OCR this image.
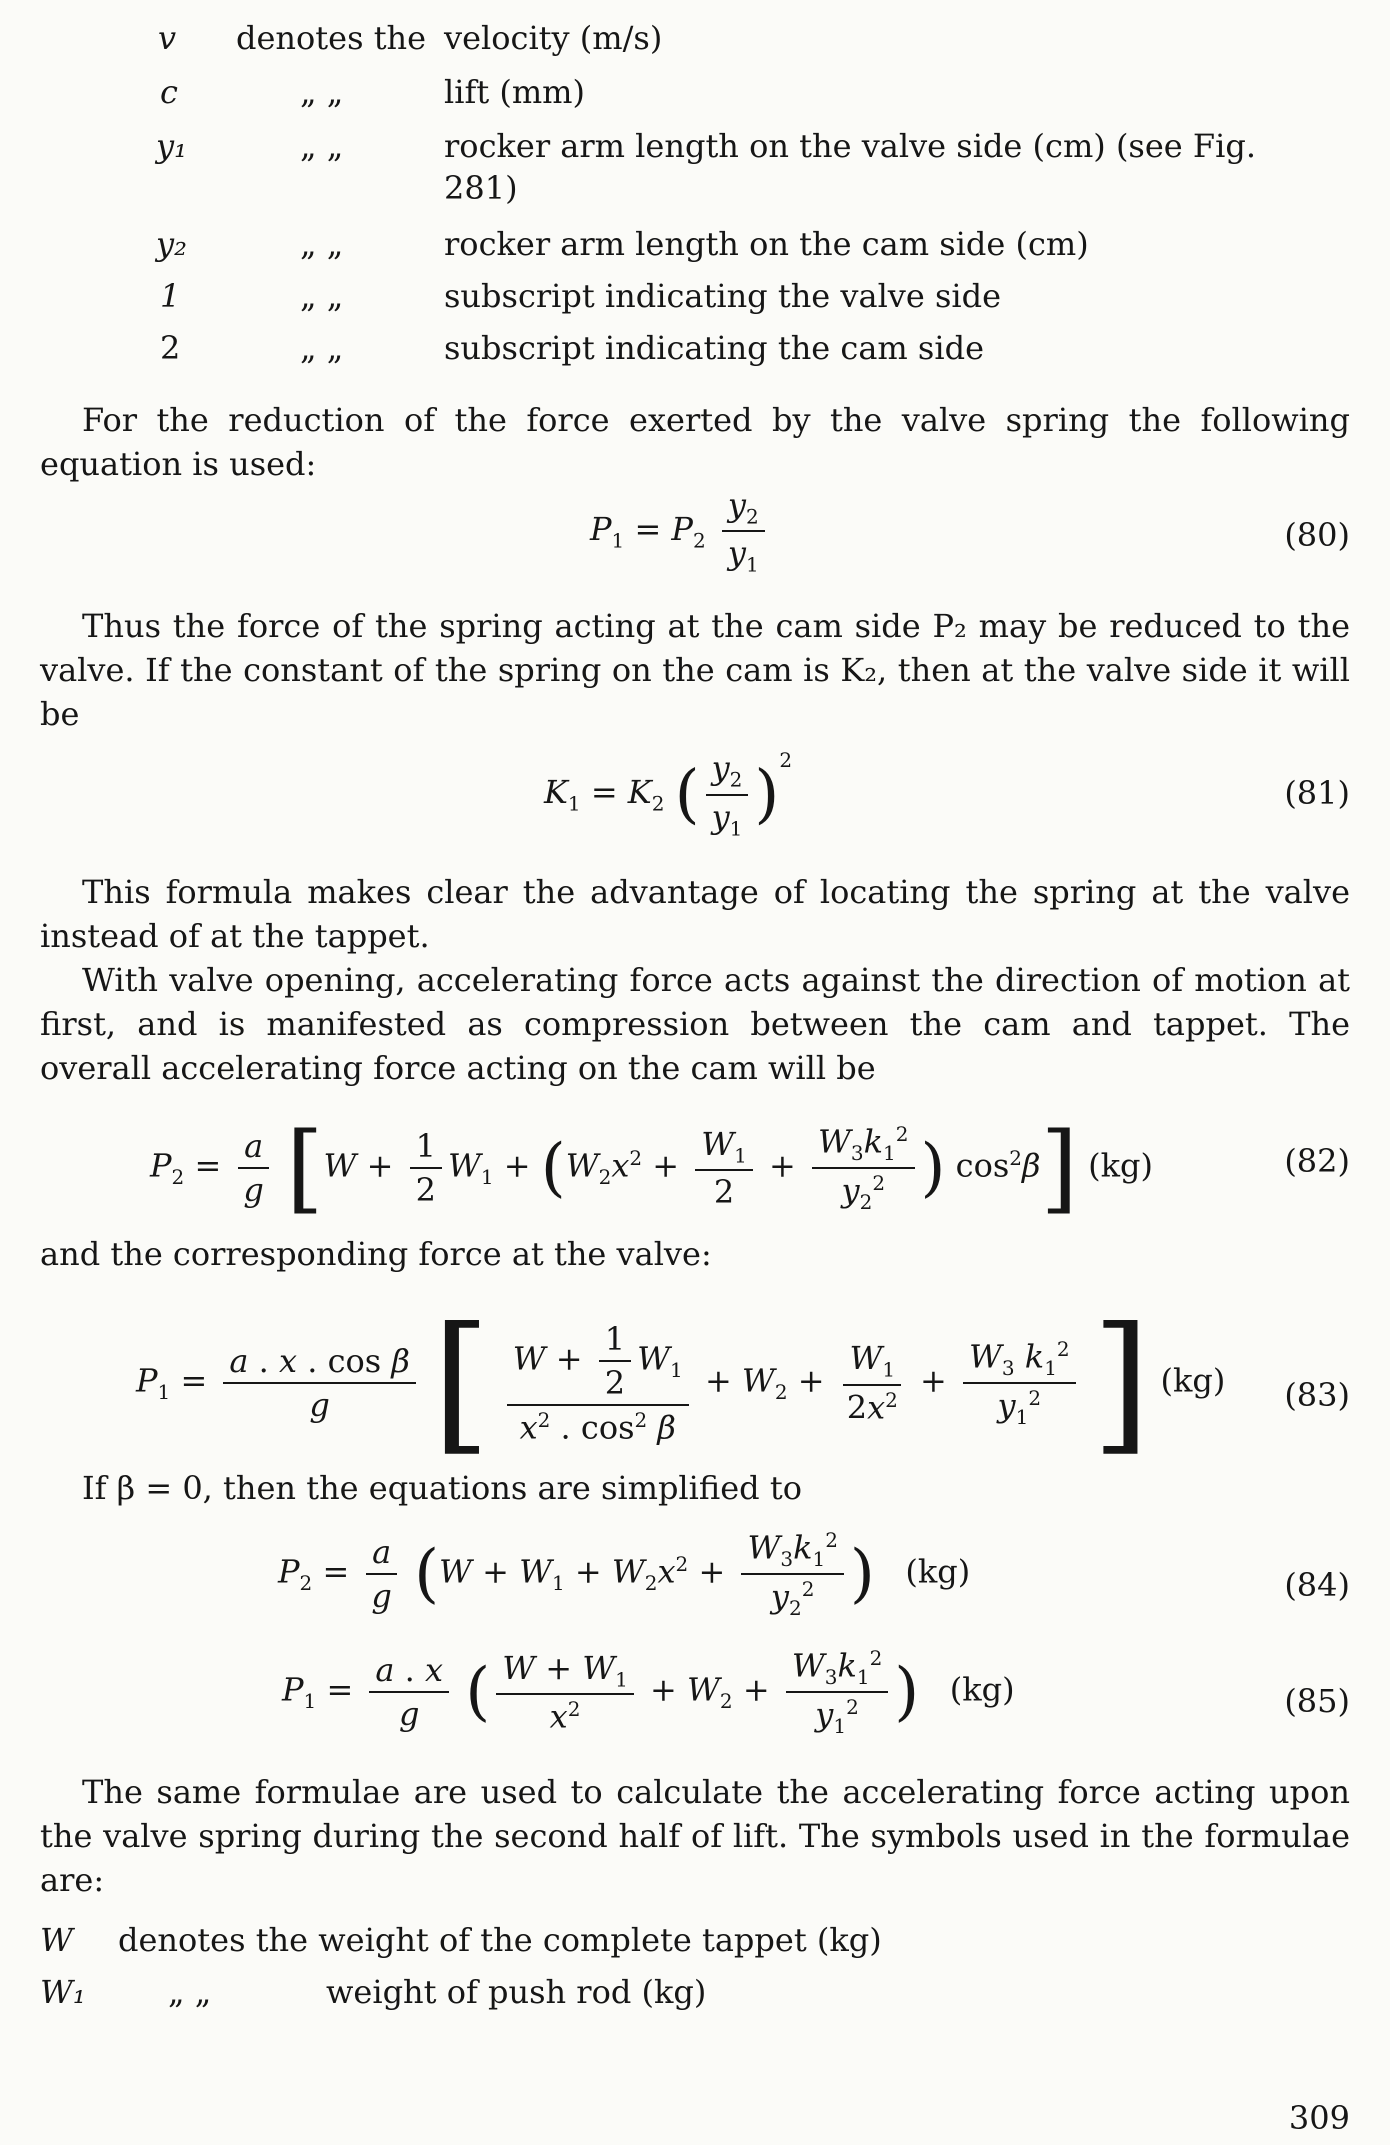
v denotes the velocity (m/s)
c	„ „	lift (mm)
y₁	„ „	rocker arm length on the valve side (cm) (see Fig.
281)
y₂	„ „	rocker arm length on the cam side (cm)
1	„ „	subscript indicating the valve side
2	„ „	subscript indicating the cam side
For the reduction of the force exerted by the valve spring the following equation is used:
$P_1 = P_2 \frac{y_2}{y_1}$	(80)
Thus the force of the spring acting at the cam side P₂ may be reduced to the valve. If the constant of the spring on the cam is K₂, then at the valve side it will be
$K_1 = K_2$ ( $\frac{y_2}{y_1} )^2$
(81)
This formula makes clear the advantage of locating the spring at the valve instead of at the tappet.
With valve opening, accelerating force acts against the direction of motion at first, and is manifested as compression between the cam and tappet. The overall accelerating force acting on the cam will be
$P_2 = \frac{a}{g} [W + \frac{1}{2} W_1 + (W_2x^2 + \frac{W_1}{2} + \frac{W_3k_1^2}{y_2^2}$ ) $\cos^2\beta$] (kg)	(82)
and the corresponding force at the valve:
$P_1 = \frac{\text{a . x . cos β}}{g}$ [ $\frac{W + \frac{1}{2} W_1}{x^2 . \cos^2 \beta} + W_2 + \frac{W_1}{2x^2} + \frac{W_3 k_1^2}{y_1^2}$ ] (kg) (83)
If β = 0, then the equations are simplified to
$P_2 = \frac{a}{g} (W + W_1 + W_2x^2 + \frac{W_3k_1^2}{y_2^2}$ ) (kg)	(84)
$P_1 = \frac{a . x}{g}$ ( $\frac{W + W_1}{x^2} + W_2 + \frac{W_3k_1^2}{y_1^2}$ ) (kg)	(85)
The same formulae are used to calculate the accelerating force acting upon the valve spring during the second half of lift. The symbols used in the formulae are:
W denotes the weight of the complete tappet (kg)
W₁	„ „	weight of push rod (kg)
309
